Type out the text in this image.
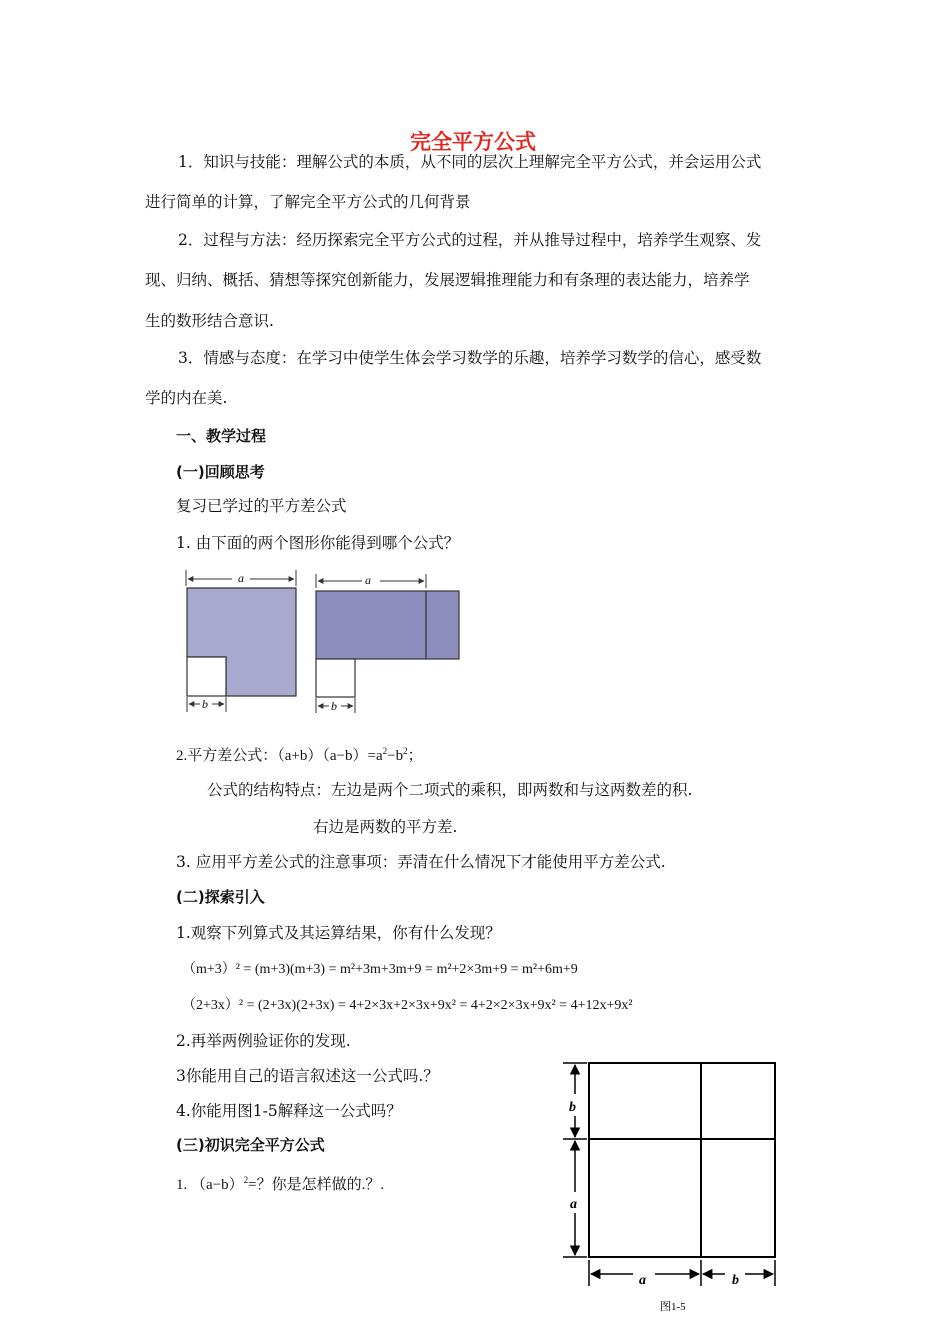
完全平方公式
1．知识与技能：理解公式的本质，从不同的层次上理解完全平方公式，并会运用公式
进行简单的计算，了解完全平方公式的几何背景
2．过程与方法：经历探索完全平方公式的过程，并从推导过程中，培养学生观察、发
现、归纳、概括、猜想等探究创新能力，发展逻辑推理能力和有条理的表达能力，培养学
生的数形结合意识.
3．情感与态度：在学习中使学生体会学习数学的乐趣，培养学习数学的信心，感受数
学的内在美.
一、教学过程
(一)回顾思考
复习已学过的平方差公式
1. 由下面的两个图形你能得到哪个公式？
a
b
a
b
2.平方差公式：$(a+b)(a-b)=a^2-b^2$；
公式的结构特点：左边是两个二项式的乘积，即两数和与这两数差的积.
右边是两数的平方差.
3. 应用平方差公式的注意事项：弄清在什么情况下才能使用平方差公式.
(二)探索引入
1.观察下列算式及其运算结果，你有什么发现？
（m+3）² = (m+3)(m+3) = m²+3m+3m+9 = m²+2×3m+9 = m²+6m+9
（2+3x）² = (2+3x)(2+3x) = 4+2×3x+2×3x+9x² = 4+2×2×3x+9x² = 4+12x+9x²
2.再举两例验证你的发现.
3你能用自己的语言叙述这一公式吗.？
4.你能用图1-5解释这一公式吗？
(三)初识完全平方公式
1. $(a-b)^2=$？你是怎样做的.？.
b
a
a	b
图1-5
